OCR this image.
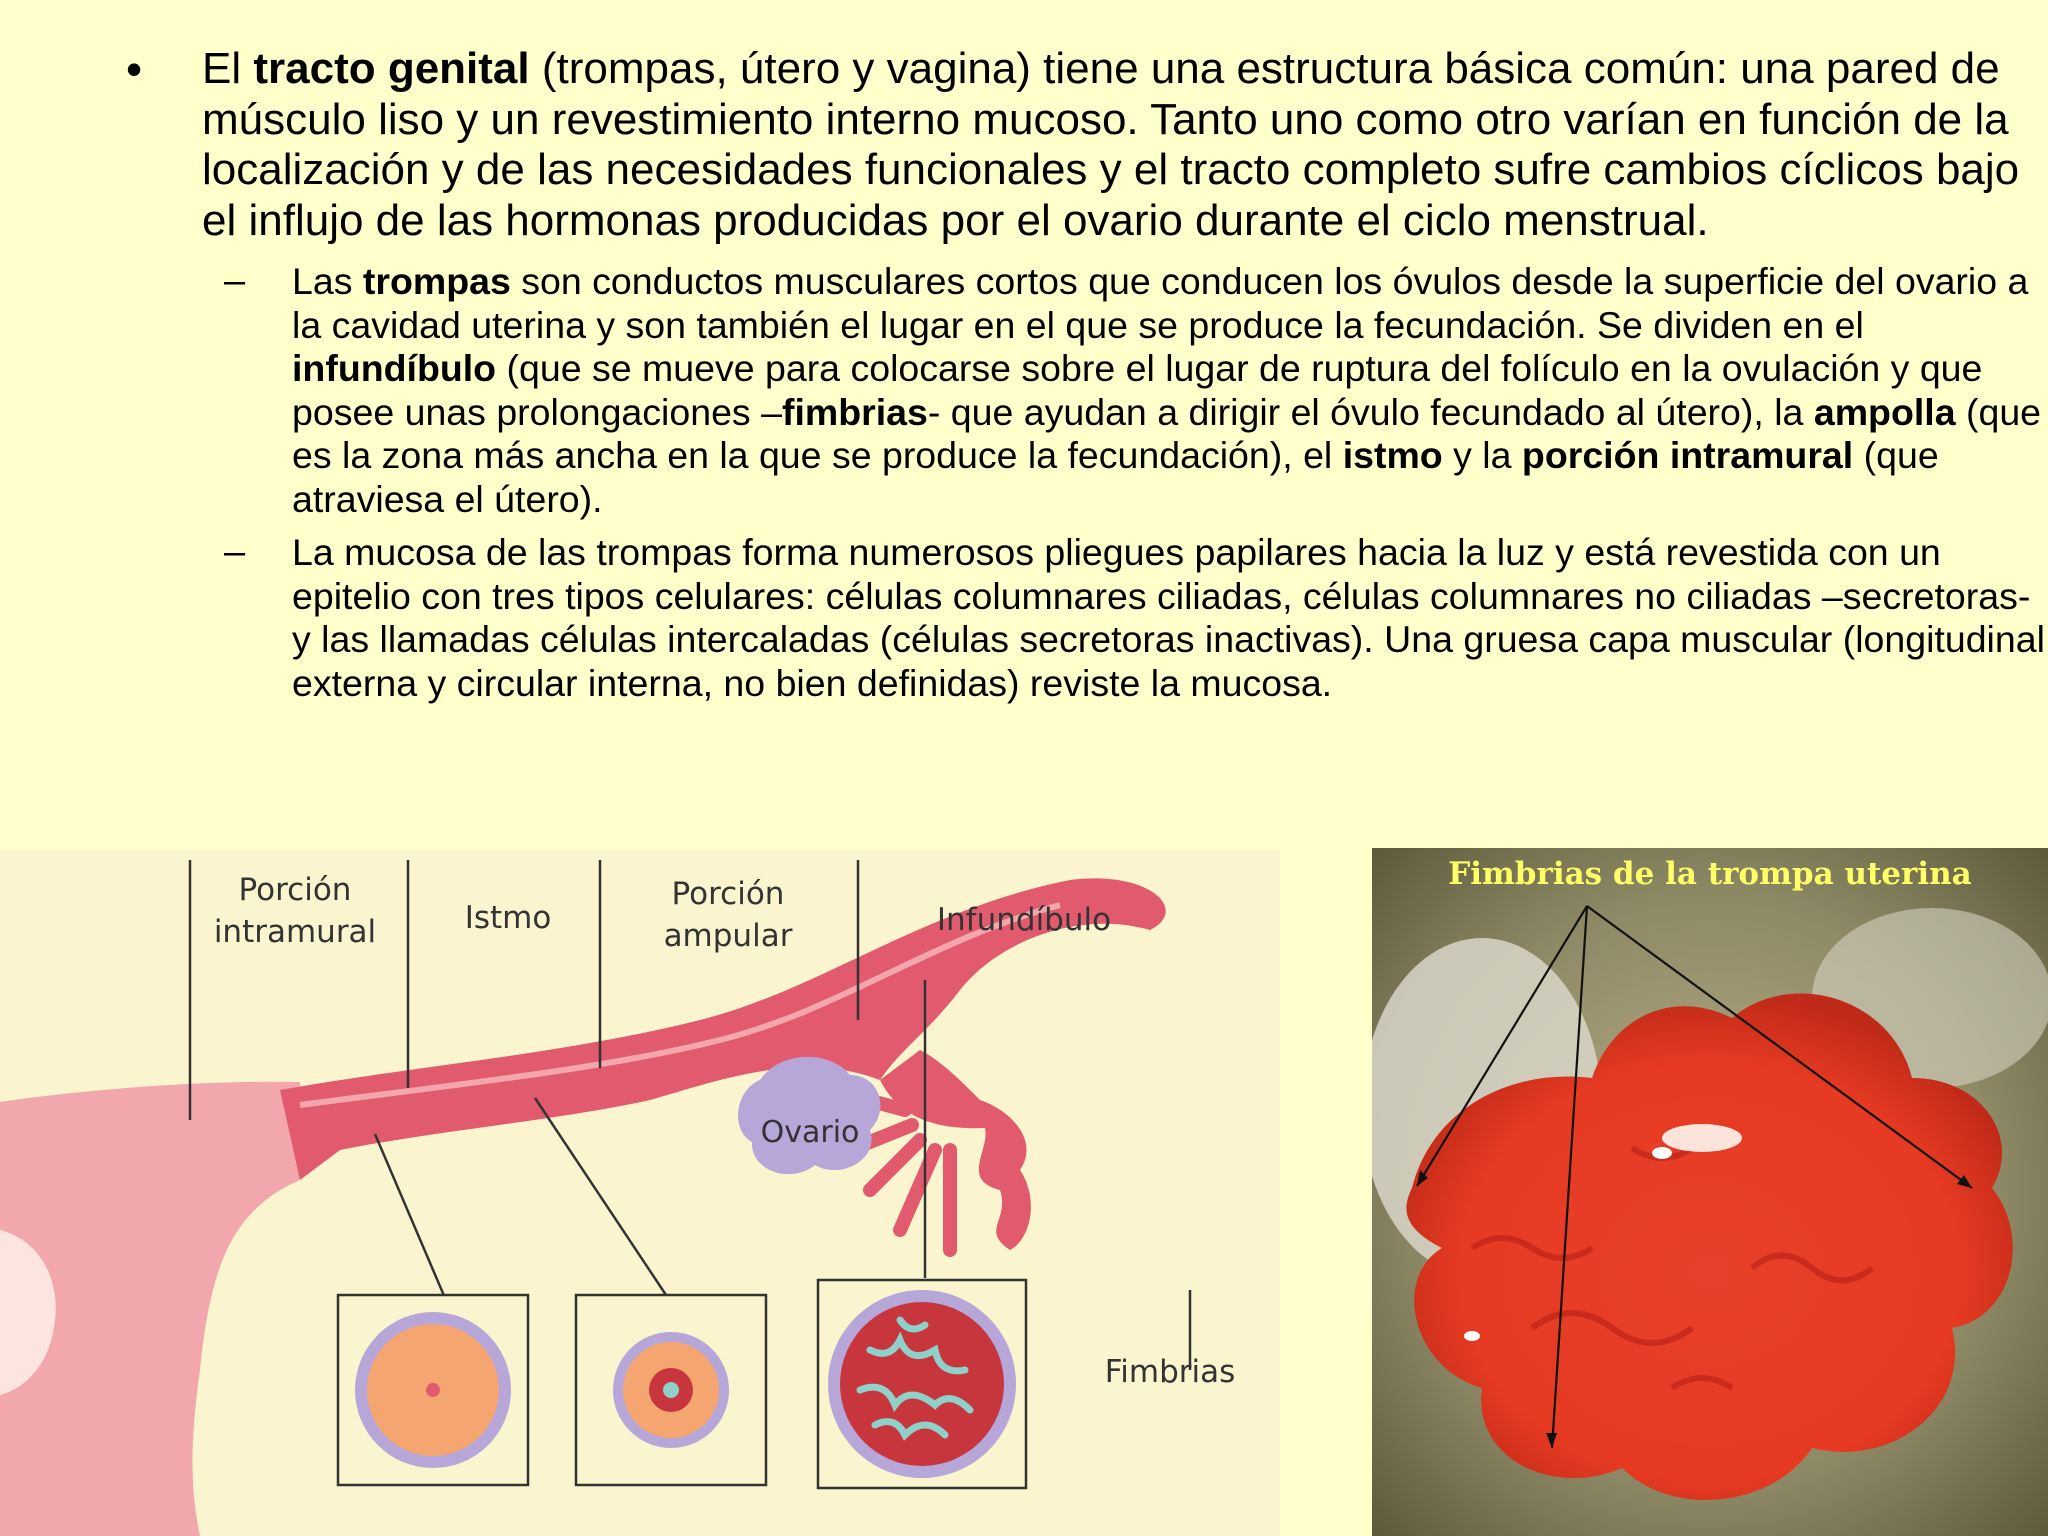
• El tracto genital (trompas, útero y vagina) tiene una estructura básica común: una pared de músculo liso y un revestimiento interno mucoso. Tanto uno como otro varían en función de la localización y de las necesidades funcionales y el tracto completo sufre cambios cíclicos bajo el influjo de las hormonas producidas por el ovario durante el ciclo menstrual.
– Las trompas son conductos musculares cortos que conducen los óvulos desde la superficie del ovario a la cavidad uterina y son también el lugar en el que se produce la fecundación. Se dividen en el infundíbulo (que se mueve para colocarse sobre el lugar de ruptura del folículo en la ovulación y que posee unas prolongaciones –fimbrias- que ayudan a dirigir el óvulo fecundado al útero), la ampolla (que es la zona más ancha en la que se produce la fecundación), el istmo y la porción intramural (que atraviesa el útero).
– La mucosa de las trompas forma numerosos pliegues papilares hacia la luz y está revestida con un epitelio con tres tipos celulares: células columnares ciliadas, células columnares no ciliadas –secretoras- y las llamadas células intercaladas (células secretoras inactivas). Una gruesa capa muscular (longitudinal externa y circular interna, no bien definidas) reviste la mucosa.
Porción
intramural	Istmo
Porción
ampular	Infundíbulo
Ovario
Fimbrias
Fimbrias de la trompa uterina
